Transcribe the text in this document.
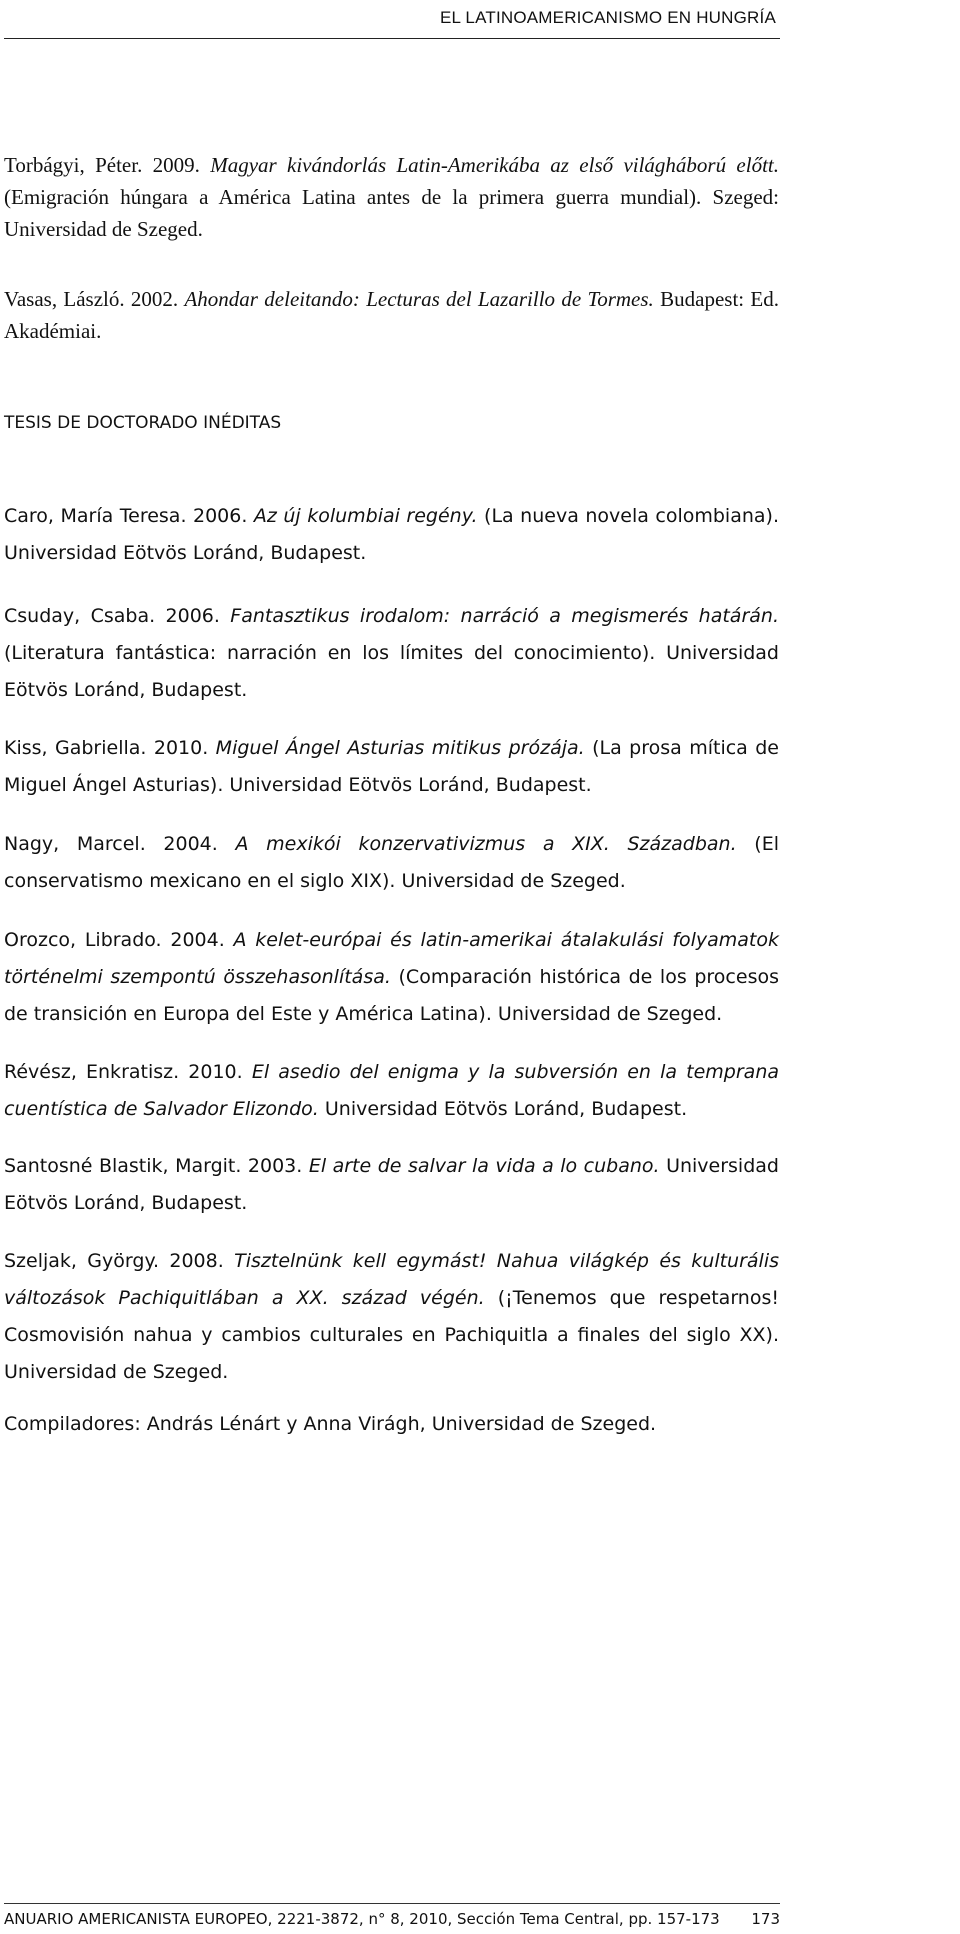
EL LATINOAMERICANISMO EN HUNGRÍA

Torbágyi, Péter. 2009. Magyar kivándorlás Latin-Amerikába az első világháború előtt. (Emigración húngara a América Latina antes de la primera guerra mundial). Szeged: Universidad de Szeged.

Vasas, László. 2002. Ahondar deleitando: Lecturas del Lazarillo de Tormes. Budapest: Ed. Akadémiai.

TESIS DE DOCTORADO INÉDITAS

Caro, María Teresa. 2006. Az új kolumbiai regény. (La nueva novela colombiana). Universidad Eötvös Loránd, Budapest.

Csuday, Csaba. 2006. Fantasztikus irodalom: narráció a megismerés határán. (Literatura fantástica: narración en los límites del conocimiento). Universidad Eötvös Loránd, Budapest.

Kiss, Gabriella. 2010. Miguel Ángel Asturias mitikus prózája. (La prosa mítica de Miguel Ángel Asturias). Universidad Eötvös Loránd, Budapest.

Nagy, Marcel. 2004. A mexikói konzervativizmus a XIX. Században. (El conservatismo mexicano en el siglo XIX). Universidad de Szeged.

Orozco, Librado. 2004. A kelet-európai és latin-amerikai átalakulási folyamatok történelmi szempontú összehasonlítása. (Comparación histórica de los procesos de transición en Europa del Este y América Latina). Universidad de Szeged.

Révész, Enkratisz. 2010. El asedio del enigma y la subversión en la temprana cuentística de Salvador Elizondo. Universidad Eötvös Loránd, Budapest.

Santosné Blastik, Margit. 2003. El arte de salvar la vida a lo cubano. Universidad Eötvös Loránd, Budapest.

Szeljak, György. 2008. Tisztelnünk kell egymást! Nahua világkép és kulturális változások Pachiquitlában a XX. század végén. (¡Tenemos que respetarnos! Cosmovisión nahua y cambios culturales en Pachiquitla a finales del siglo XX). Universidad de Szeged.

Compiladores: András Lénárt y Anna Virágh, Universidad de Szeged.

ANUARIO AMERICANISTA EUROPEO, 2221-3872, n° 8, 2010, Sección Tema Central, pp. 157-173 173
